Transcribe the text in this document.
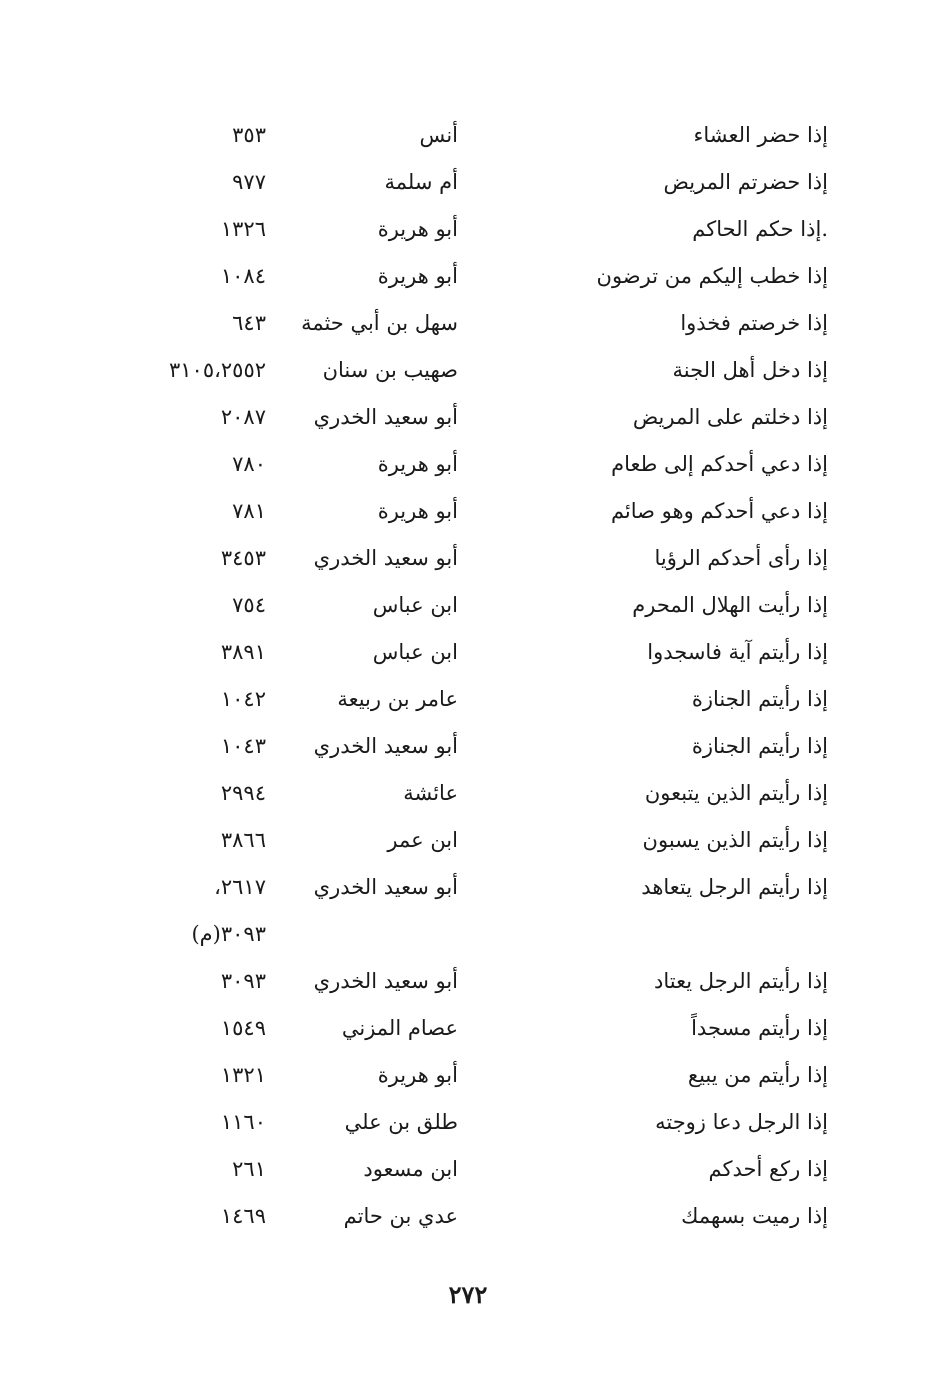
إذا حضر العشاء
أنس
٣٥٣
إذا حضرتم المريض
أم سلمة
٩٧٧
.إذا حكم الحاكم
أبو هريرة
١٣٢٦
إذا خطب إليكم من ترضون
أبو هريرة
١٠٨٤
إذا خرصتم فخذوا
سهل بن أبي حثمة
٦٤٣
إذا دخل أهل الجنة
صهيب بن سنان
٣١٠٥،٢٥٥٢
إذا دخلتم على المريض
أبو سعيد الخدري
٢٠٨٧
إذا دعي أحدكم إلى طعام
أبو هريرة
٧٨٠
إذا دعي أحدكم وهو صائم
أبو هريرة
٧٨١
إذا رأى أحدكم الرؤيا
أبو سعيد الخدري
٣٤٥٣
إذا رأيت الهلال المحرم
ابن عباس
٧٥٤
إذا رأيتم آية فاسجدوا
ابن عباس
٣٨٩١
إذا رأيتم الجنازة
عامر بن ربيعة
١٠٤٢
إذا رأيتم الجنازة
أبو سعيد الخدري
١٠٤٣
إذا رأيتم الذين يتبعون
عائشة
٢٩٩٤
إذا رأيتم الذين يسبون
ابن عمر
٣٨٦٦
إذا رأيتم الرجل يتعاهد
أبو سعيد الخدري
٢٦١٧،
٣٠٩٣(م)
إذا رأيتم الرجل يعتاد
أبو سعيد الخدري
٣٠٩٣
إذا رأيتم مسجداً
عصام المزني
١٥٤٩
إذا رأيتم من يبيع
أبو هريرة
١٣٢١
إذا الرجل دعا زوجته
طلق بن علي
١١٦٠
إذا ركع أحدكم
ابن مسعود
٢٦١
إذا رميت بسهمك
عدي بن حاتم
١٤٦٩
٢٧٢
